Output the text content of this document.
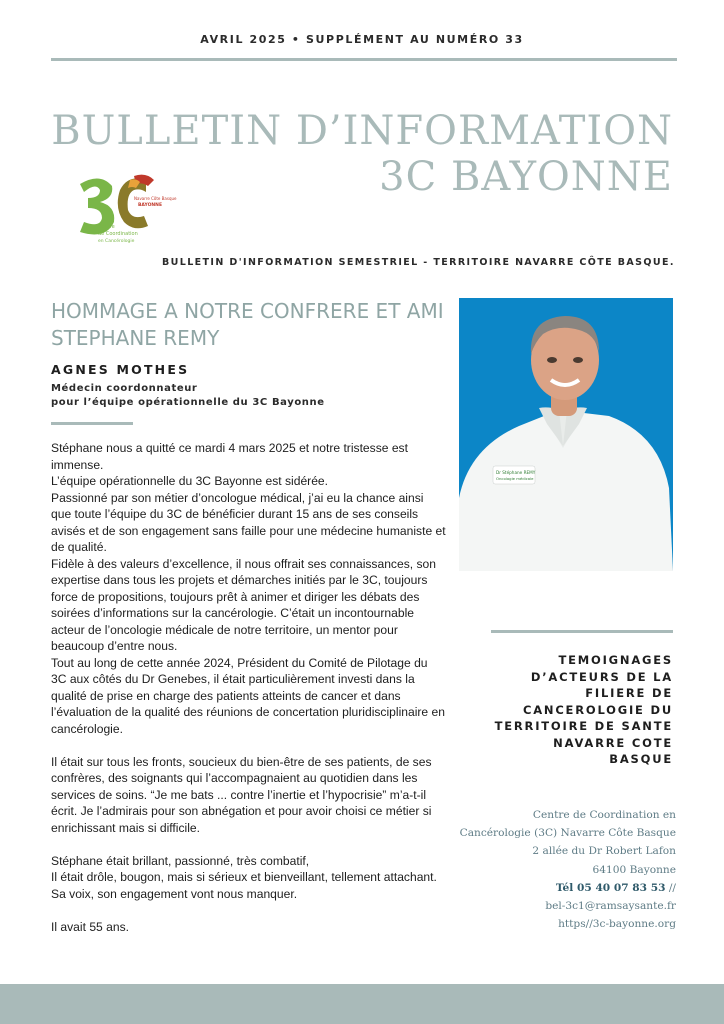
AVRIL 2025 • SUPPLÉMENT AU NUMÉRO 33
BULLETIN D’INFORMATION
3C BAYONNE
Navarre Côte Basque
BAYONNE
Centre
de Coordination
en Cancérologie
BULLETIN D'INFORMATION SEMESTRIEL - TERRITOIRE NAVARRE CÔTE BASQUE.
HOMMAGE A NOTRE CONFRERE ET AMI STEPHANE REMY
AGNES MOTHES
Médecin coordonnateur
pour l’équipe opérationnelle du 3C Bayonne

Stéphane nous a quitté ce mardi 4 mars 2025 et notre tristesse est immense.

L’équipe opérationnelle du 3C Bayonne est sidérée.

Passionné par son métier d’oncologue médical, j’ai eu la chance ainsi que toute l’équipe du 3C de bénéficier durant 15 ans de ses conseils avisés et de son engagement sans faille pour une médecine humaniste et de qualité.

Fidèle à des valeurs d’excellence, il nous offrait ses connaissances, son expertise dans tous les projets et démarches initiés par le 3C, toujours force de propositions, toujours prêt à animer et diriger les débats des soirées d’informations sur la cancérologie. C’était un incontournable acteur de l’oncologie médicale de notre territoire, un mentor pour beaucoup d’entre nous.

Tout au long de cette année 2024, Président du Comité de Pilotage du 3C aux côtés du Dr Genebes, il était particulièrement investi dans la qualité de prise en charge des patients atteints de cancer et dans l’évaluation de la qualité des réunions de concertation pluridisciplinaire en cancérologie.

Il était sur tous les fronts, soucieux du bien-être de ses patients, de ses confrères, des soignants qui l’accompagnaient au quotidien dans les services de soins. “Je me bats ... contre l’inertie et l’hypocrisie” m’a-t-il écrit. Je l’admirais pour son abnégation et pour avoir choisi ce métier si enrichissant mais si difficile.

Stéphane était brillant, passionné, très combatif,

Il était drôle, bougon, mais si sérieux et bienveillant, tellement attachant.

Sa voix, son engagement vont nous manquer.

Il avait 55 ans.

Dr Stéphane REMY
Oncologie médicale
TEMOIGNAGES
D’ACTEURS DE LA
FILIERE DE
CANCEROLOGIE DU
TERRITOIRE DE SANTE
NAVARRE COTE
BASQUE
Centre de Coordination en
Cancérologie (3C) Navarre Côte Basque
2 allée du Dr Robert Lafon
64100 Bayonne
Tél 05 40 07 83 53 //
bel-3c1@ramsaysante.fr
https//3c-bayonne.org
